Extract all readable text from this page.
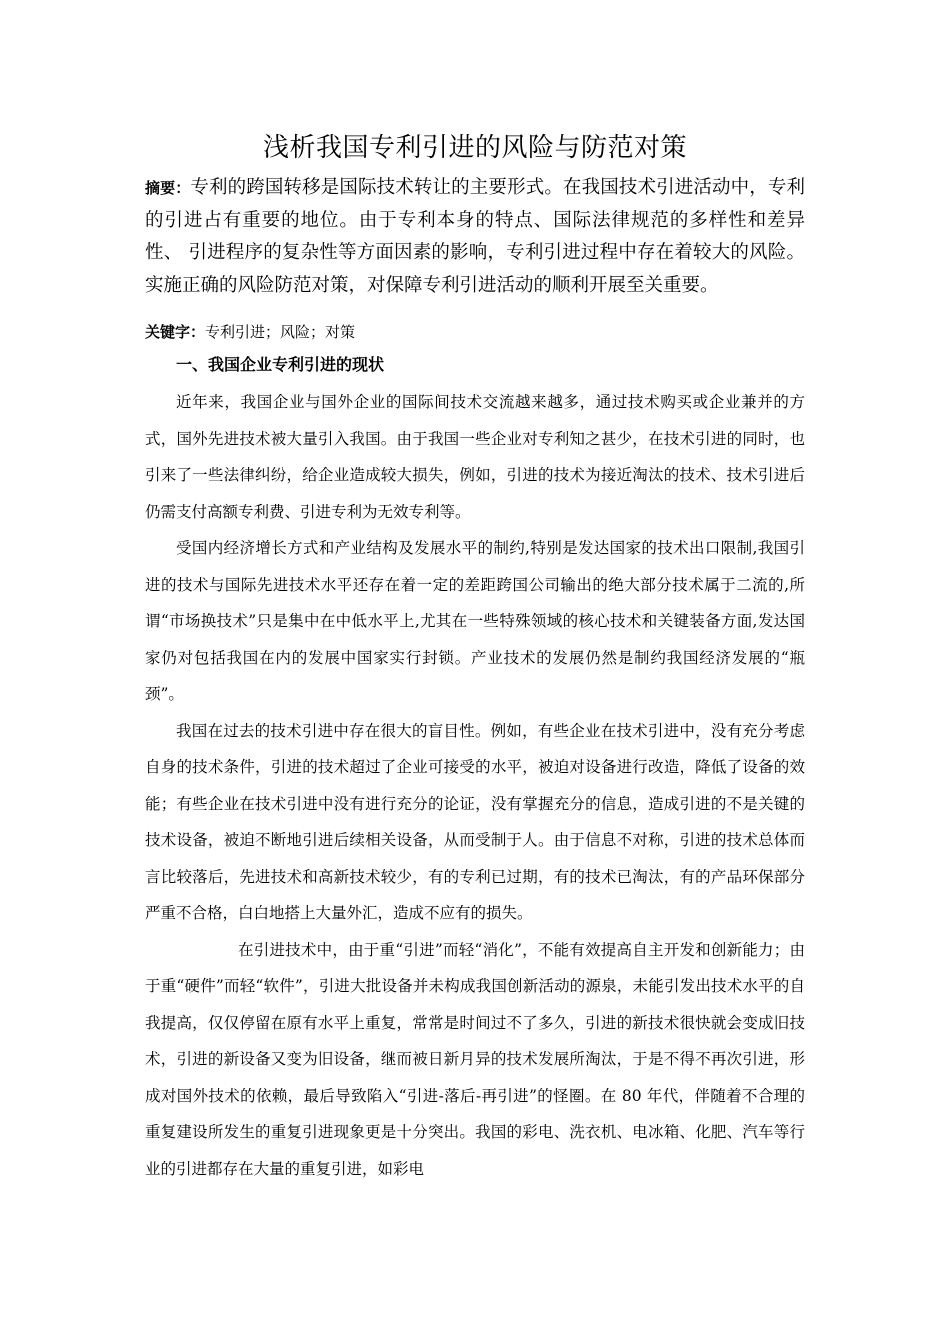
浅析我国专利引进的风险与防范对策
摘要：专利的跨国转移是国际技术转让的主要形式。在我国技术引进活动中，专利的引进占有重要的地位。由于专利本身的特点、国际法律规范的多样性和差异性、 引进程序的复杂性等方面因素的影响，专利引进过程中存在着较大的风险。实施正确的风险防范对策，对保障专利引进活动的顺利开展至关重要。
关键字：专利引进；风险；对策
一、我国企业专利引进的现状

近年来，我国企业与国外企业的国际间技术交流越来越多，通过技术购买或企业兼并的方式，国外先进技术被大量引入我国。由于我国一些企业对专利知之甚少，在技术引进的同时，也引来了一些法律纠纷，给企业造成较大损失，例如，引进的技术为接近淘汰的技术、技术引进后仍需支付高额专利费、引进专利为无效专利等。

受国内经济增长方式和产业结构及发展水平的制约,特别是发达国家的技术出口限制,我国引进的技术与国际先进技术水平还存在着一定的差距跨国公司输出的绝大部分技术属于二流的,所谓“市场换技术”只是集中在中低水平上,尤其在一些特殊领域的核心技术和关键装备方面,发达国家仍对包括我国在内的发展中国家实行封锁。产业技术的发展仍然是制约我国经济发展的“瓶颈”。

我国在过去的技术引进中存在很大的盲目性。例如，有些企业在技术引进中，没有充分考虑自身的技术条件，引进的技术超过了企业可接受的水平，被迫对设备进行改造，降低了设备的效能；有些企业在技术引进中没有进行充分的论证，没有掌握充分的信息，造成引进的不是关键的技术设备，被迫不断地引进后续相关设备，从而受制于人。由于信息不对称，引进的技术总体而言比较落后，先进技术和高新技术较少，有的专利已过期，有的技术已淘汰，有的产品环保部分严重不合格，白白地搭上大量外汇，造成不应有的损失。

在引进技术中，由于重“引进”而轻“消化”，不能有效提高自主开发和创新能力；由于重“硬件”而轻“软件”，引进大批设备并未构成我国创新活动的源泉，未能引发出技术水平的自我提高，仅仅停留在原有水平上重复，常常是时间过不了多久，引进的新技术很快就会变成旧技术，引进的新设备又变为旧设备，继而被日新月异的技术发展所淘汰，于是不得不再次引进，形成对国外技术的依赖，最后导致陷入“引进-落后-再引进”的怪圈。在 80 年代，伴随着不合理的重复建设所发生的重复引进现象更是十分突出。我国的彩电、洗衣机、电冰箱、化肥、汽车等行业的引进都存在大量的重复引进，如彩电
